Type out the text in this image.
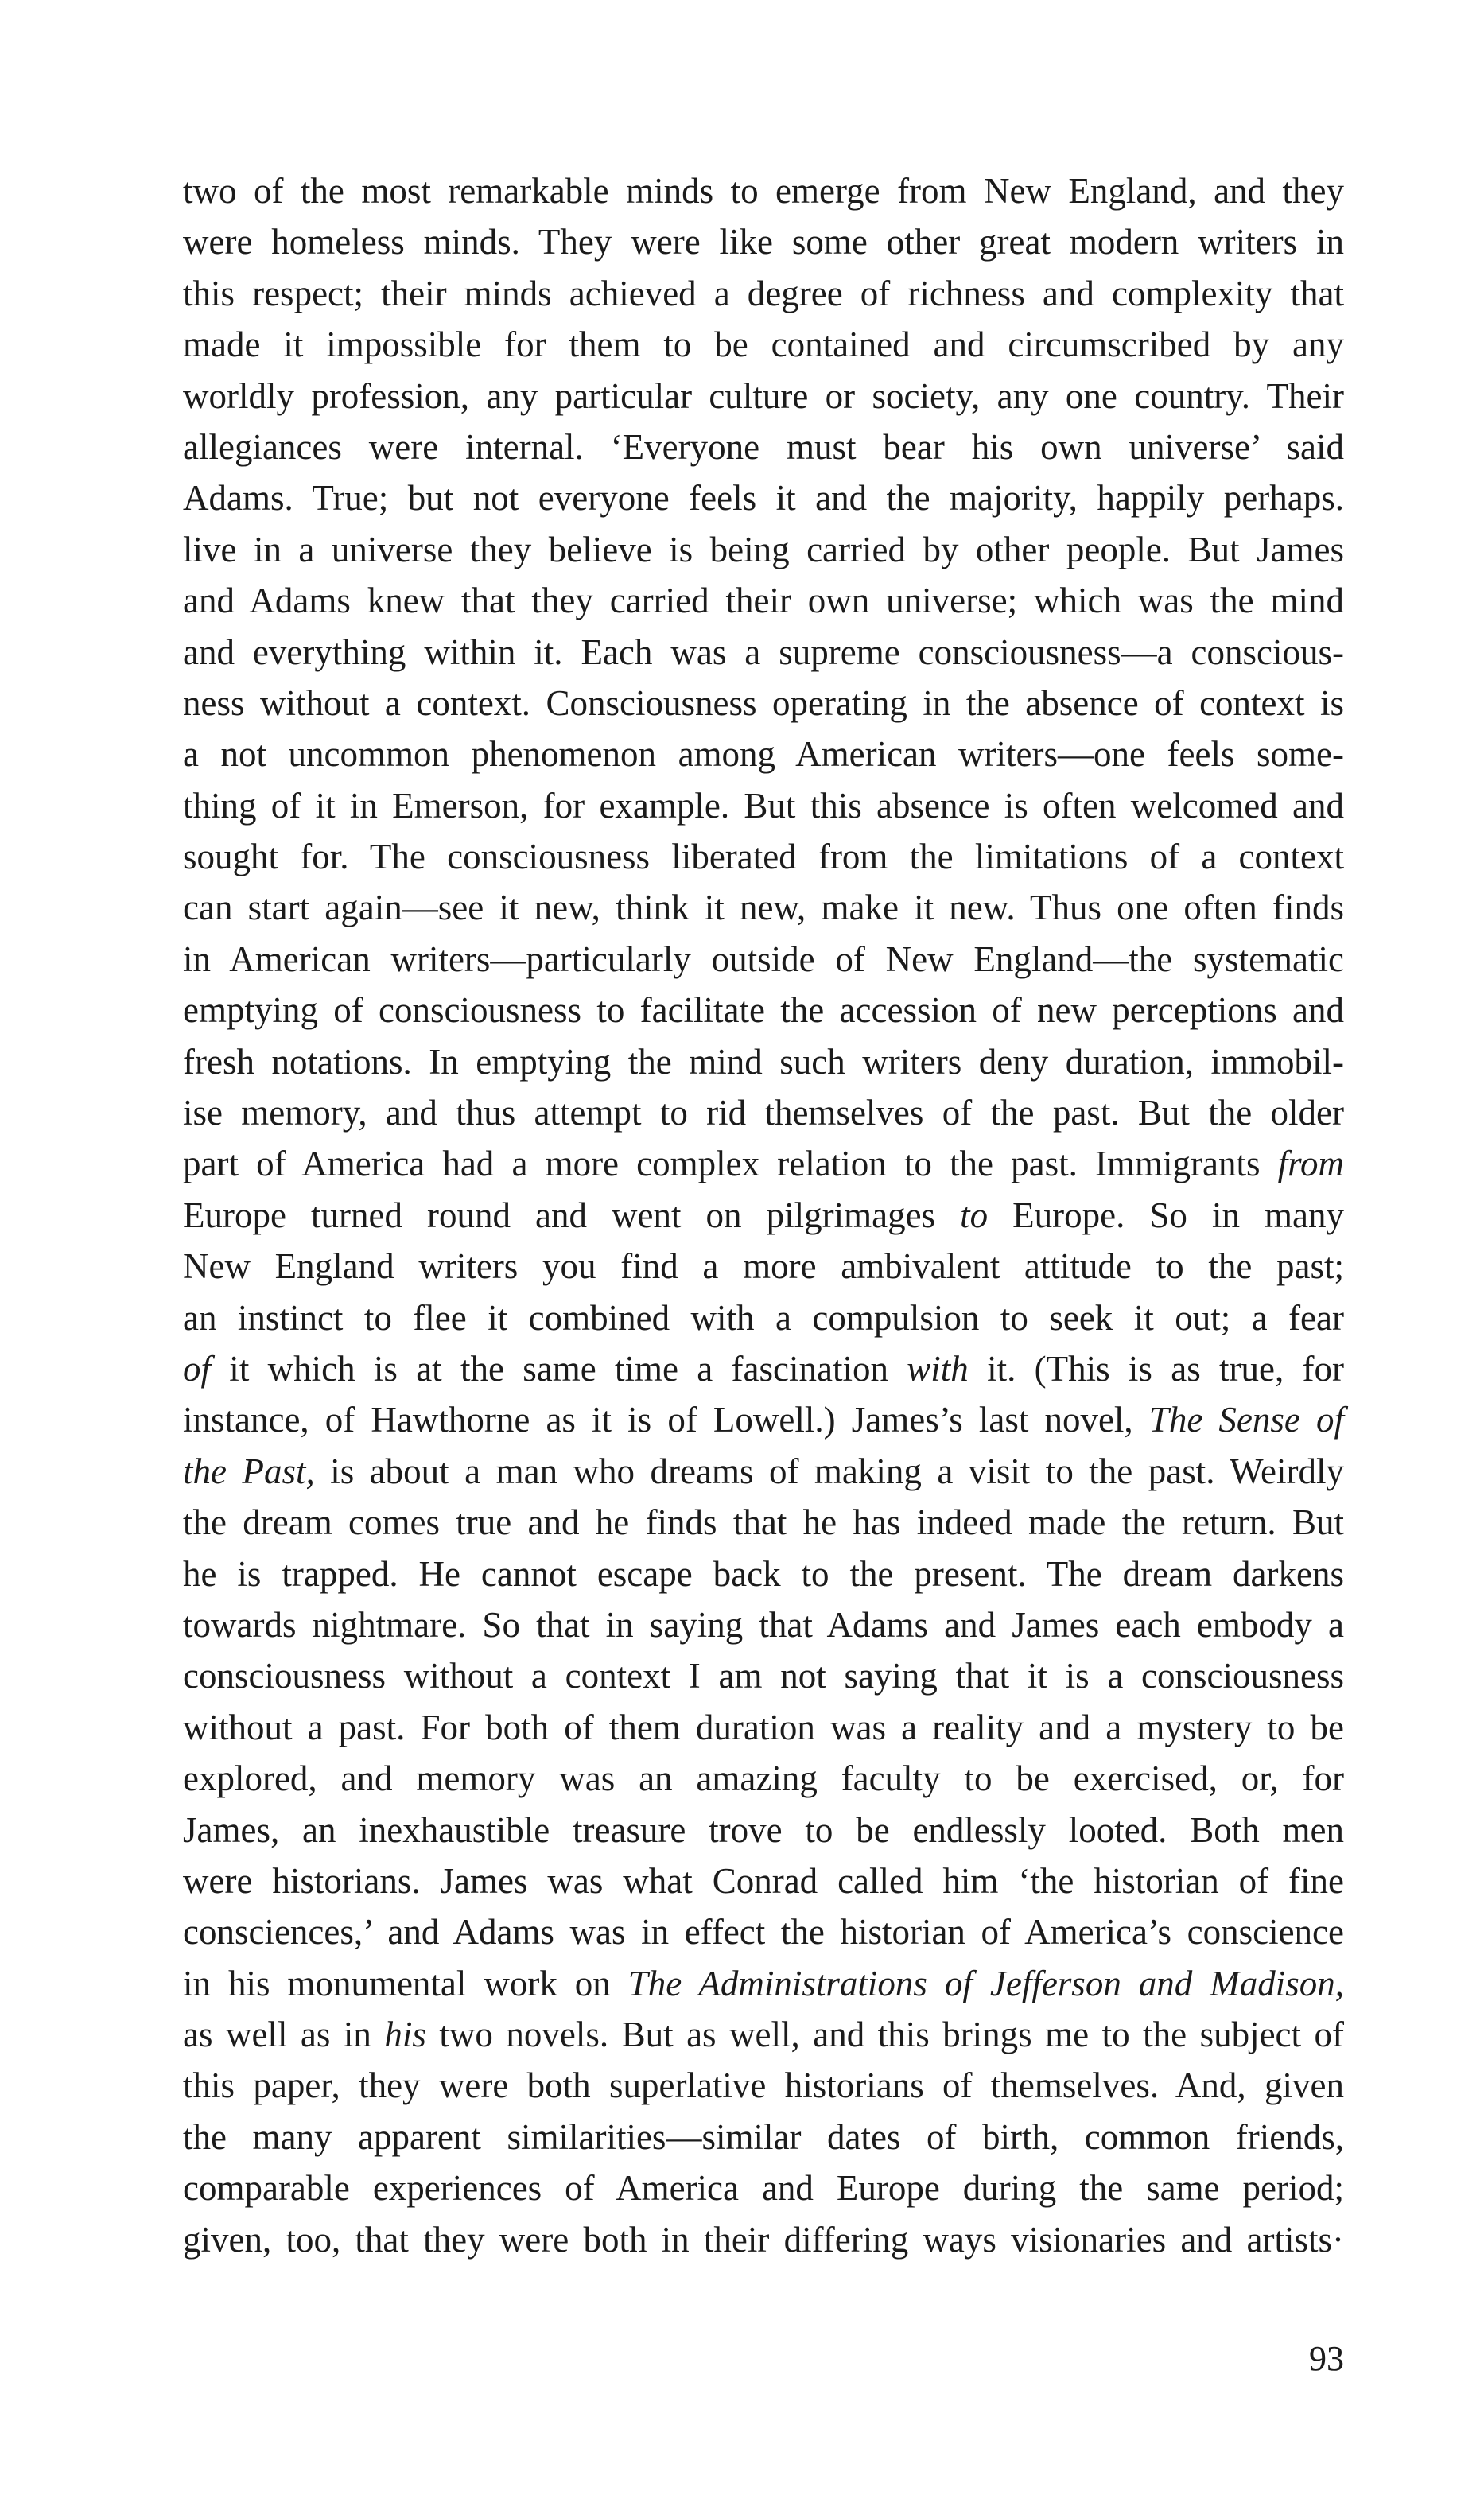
two of the most remarkable minds to emerge from New England, and they
were homeless minds. They were like some other great modern writers in
this respect; their minds achieved a degree of richness and complexity that
made it impossible for them to be contained and circumscribed by any
worldly profession, any particular culture or society, any one country. Their
allegiances were internal. ‘Everyone must bear his own universe’ said
Adams. True; but not everyone feels it and the majority, happily perhaps.
live in a universe they believe is being carried by other people. But James
and Adams knew that they carried their own universe; which was the mind
and everything within it. Each was a supreme consciousness—a conscious-
ness without a context. Consciousness operating in the absence of context is
a not uncommon phenomenon among American writers—one feels some-
thing of it in Emerson, for example. But this absence is often welcomed and
sought for. The consciousness liberated from the limitations of a context
can start again—see it new, think it new, make it new. Thus one often finds
in American writers—particularly outside of New England—the systematic
emptying of consciousness to facilitate the accession of new perceptions and
fresh notations. In emptying the mind such writers deny duration, immobil-
ise memory, and thus attempt to rid themselves of the past. But the older
part of America had a more complex relation to the past. Immigrants from
Europe turned round and went on pilgrimages to Europe. So in many
New England writers you find a more ambivalent attitude to the past;
an instinct to flee it combined with a compulsion to seek it out; a fear
of it which is at the same time a fascination with it. (This is as true, for
instance, of Hawthorne as it is of Lowell.) James’s last novel, The Sense of
the Past, is about a man who dreams of making a visit to the past. Weirdly
the dream comes true and he finds that he has indeed made the return. But
he is trapped. He cannot escape back to the present. The dream darkens
towards nightmare. So that in saying that Adams and James each embody a
consciousness without a context I am not saying that it is a consciousness
without a past. For both of them duration was a reality and a mystery to be
explored, and memory was an amazing faculty to be exercised, or, for
James, an inexhaustible treasure trove to be endlessly looted. Both men
were historians. James was what Conrad called him ‘the historian of fine
consciences,’ and Adams was in effect the historian of America’s conscience
in his monumental work on The Administrations of Jefferson and Madison,
as well as in his two novels. But as well, and this brings me to the subject of
this paper, they were both superlative historians of themselves. And, given
the many apparent similarities—similar dates of birth, common friends,
comparable experiences of America and Europe during the same period;
given, too, that they were both in their differing ways visionaries and artists·
93
